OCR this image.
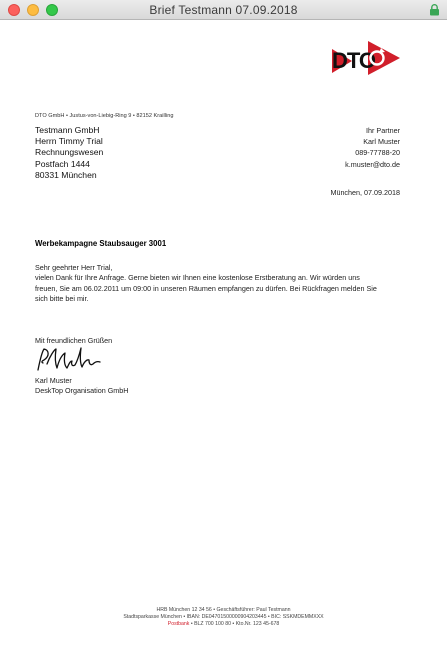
Brief Testmann 07.09.2018
DTO
DTO GmbH • Justus-von-Liebig-Ring 9 • 82152 Krailling
Testmann GmbH
Herrn Timmy Trial
Rechnungswesen
Postfach 1444
80331 München
Ihr Partner
Karl Muster
089-77788-20
k.muster@dto.de
München, 07.09.2018
Werbekampagne Staubsauger 3001
Sehr geehrter Herr Trial,
vielen Dank für Ihre Anfrage. Gerne bieten wir Ihnen eine kostenlose Erstberatung an. Wir würden uns
freuen, Sie am 06.02.2011 um 09:00 in unseren Räumen empfangen zu dürfen. Bei Rückfragen melden Sie
sich bitte bei mir.
Mit freundlichen Grüßen
Karl Muster
DeskTop Organisation GmbH
HRB München 12 34 56 • Geschäftsführer: Paul Testmann
Stadtsparkasse München • IBAN: DE04701500000904203445 • BIC: SSKMDEMMXXX
Postbank • BLZ 700 100 80 • Kto.Nr. 123 45-678
